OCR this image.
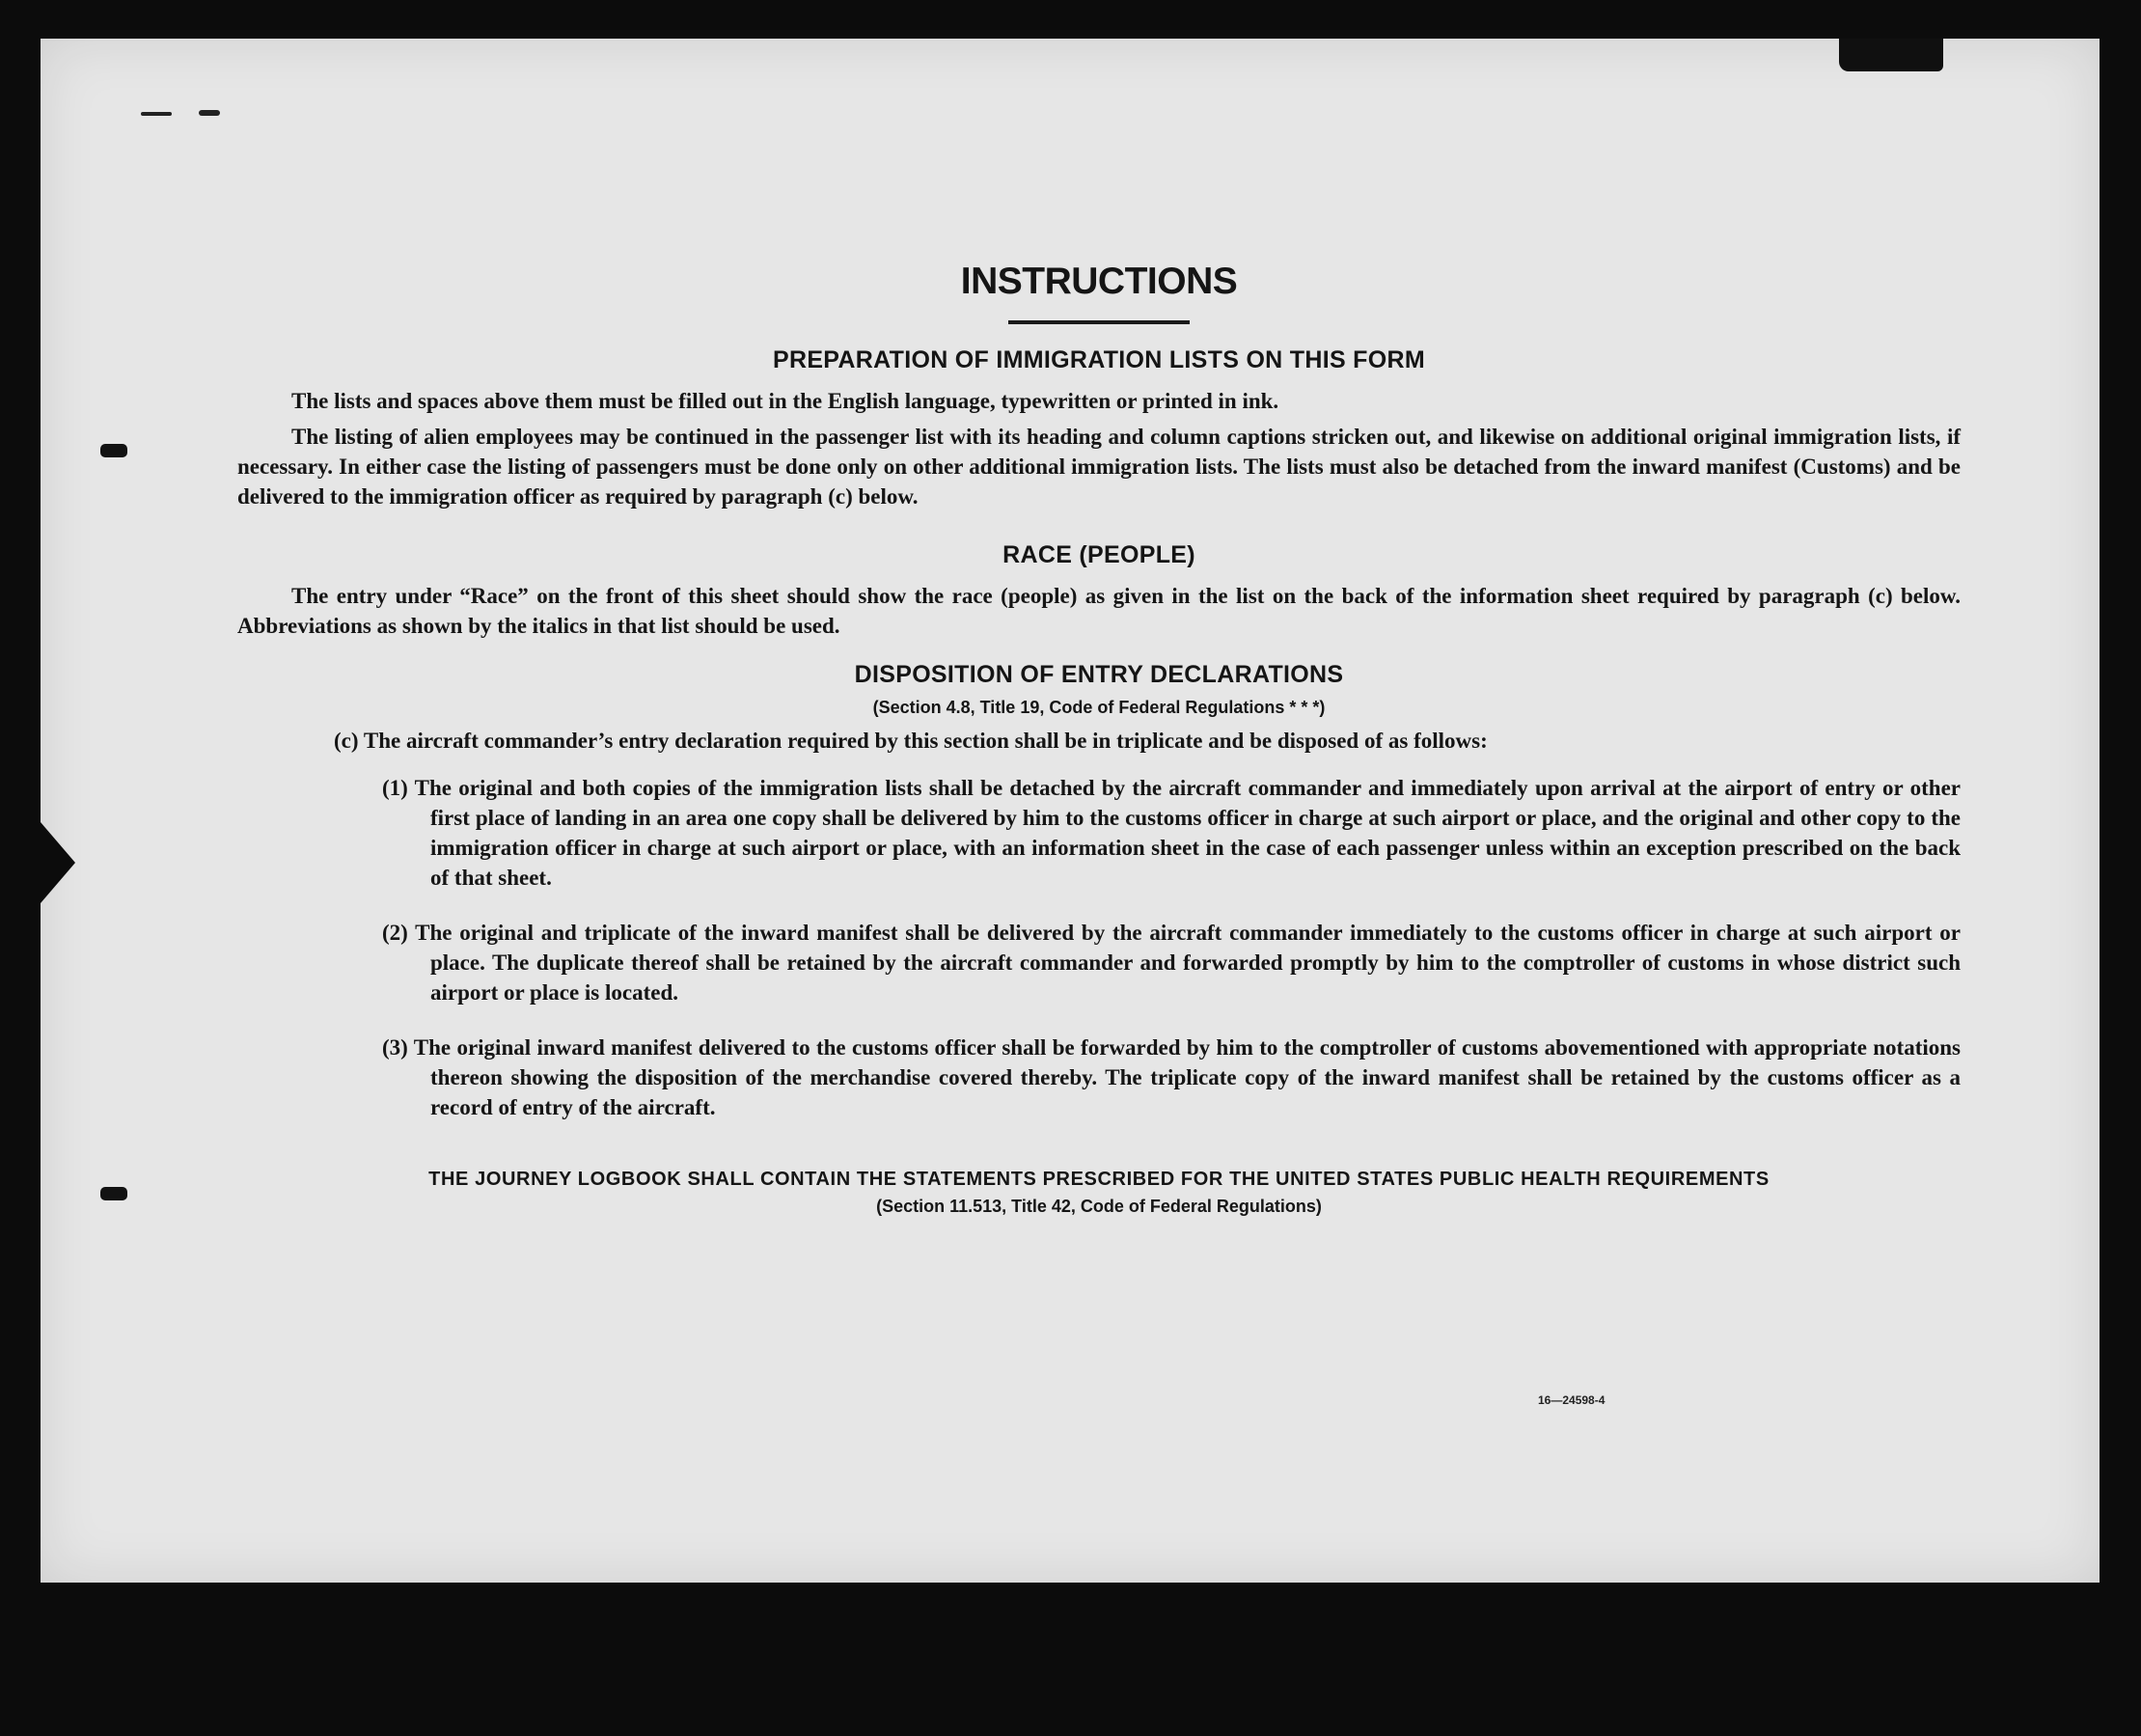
INSTRUCTIONS
PREPARATION OF IMMIGRATION LISTS ON THIS FORM

The lists and spaces above them must be filled out in the English language, typewritten or printed in ink.

The listing of alien employees may be continued in the passenger list with its heading and column captions stricken out, and likewise on additional original immigration lists, if necessary. In either case the listing of passengers must be done only on other additional immigration lists. The lists must also be detached from the inward manifest (Customs) and be delivered to the immigration officer as required by paragraph (c) below.

RACE (PEOPLE)

The entry under “Race” on the front of this sheet should show the race (people) as given in the list on the back of the information sheet required by paragraph (c) below. Abbreviations as shown by the italics in that list should be used.

DISPOSITION OF ENTRY DECLARATIONS
(Section 4.8, Title 19, Code of Federal Regulations * * *)

(c) The aircraft commander’s entry declaration required by this section shall be in triplicate and be disposed of as follows:

(1) The original and both copies of the immigration lists shall be detached by the aircraft commander and immediately upon arrival at the airport of entry or other first place of landing in an area one copy shall be delivered by him to the customs officer in charge at such airport or place, and the original and other copy to the immigration officer in charge at such airport or place, with an information sheet in the case of each passenger unless within an exception prescribed on the back of that sheet.

(2) The original and triplicate of the inward manifest shall be delivered by the aircraft commander immediately to the customs officer in charge at such airport or place. The duplicate thereof shall be retained by the aircraft commander and forwarded promptly by him to the comptroller of customs in whose district such airport or place is located.

(3) The original inward manifest delivered to the customs officer shall be forwarded by him to the comptroller of customs abovementioned with appropriate notations thereon showing the disposition of the merchandise covered thereby. The triplicate copy of the inward manifest shall be retained by the customs officer as a record of entry of the aircraft.

THE JOURNEY LOGBOOK SHALL CONTAIN THE STATEMENTS PRESCRIBED FOR THE UNITED STATES PUBLIC HEALTH REQUIREMENTS
(Section 11.513, Title 42, Code of Federal Regulations)
16—24598-4
